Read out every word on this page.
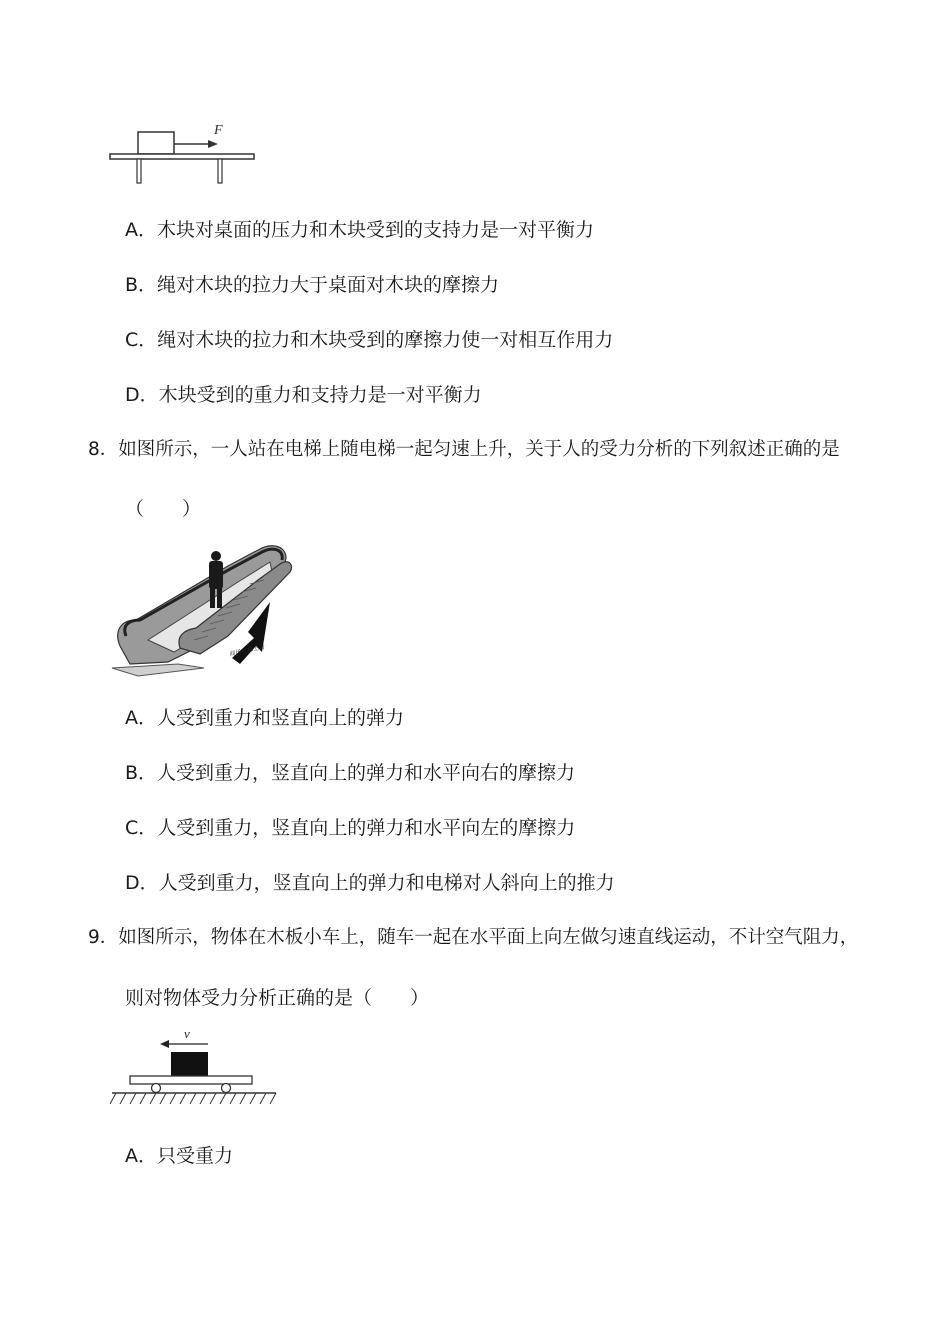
F
A．木块对桌面的压力和木块受到的支持力是一对平衡力
B．绳对木块的拉力大于桌面对木块的摩擦力
C．绳对木块的拉力和木块受到的摩擦力使一对相互作用力
D．木块受到的重力和支持力是一对平衡力
8．如图所示，一人站在电梯上随电梯一起匀速上升，关于人的受力分析的下列叙述正确的是
（　　）
商场电梯上行
A．人受到重力和竖直向上的弹力
B．人受到重力，竖直向上的弹力和水平向右的摩擦力
C．人受到重力，竖直向上的弹力和水平向左的摩擦力
D．人受到重力，竖直向上的弹力和电梯对人斜向上的推力
9．如图所示，物体在木板小车上，随车一起在水平面上向左做匀速直线运动，不计空气阻力，
则对物体受力分析正确的是（　　）
v
A．只受重力
